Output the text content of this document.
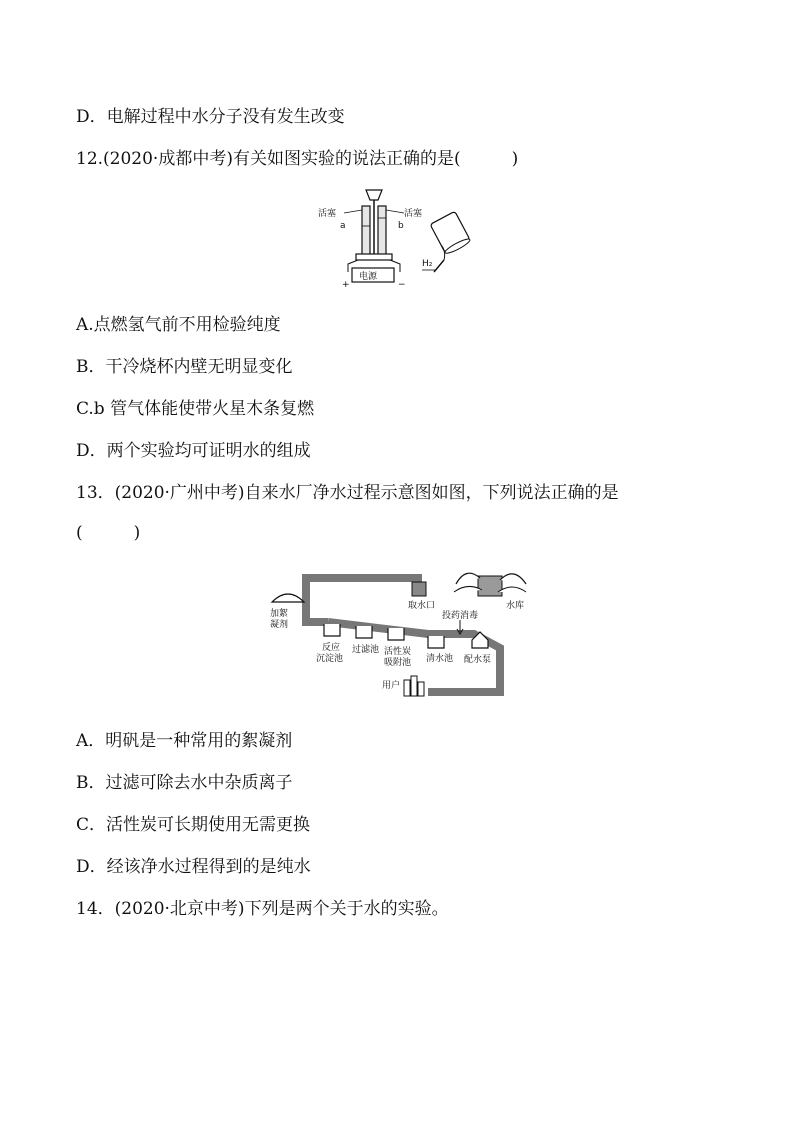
D．电解过程中水分子没有发生改变
12.(2020·成都中考)有关如图实验的说法正确的是(　　　)
活塞	活塞
a	b
电源
+	−
H₂
A.点燃氢气前不用检验纯度
B．干冷烧杯内壁无明显变化
C.b 管气体能使带火星木条复燃
D．两个实验均可证明水的组成
13．(2020·广州中考)自来水厂净水过程示意图如图，下列说法正确的是
(　　　)
加絮
凝剂
取水口	水库
投药消毒
反应
沉淀池
过滤池 活性炭
吸附池 清水池 配水泵
用户
A．明矾是一种常用的絮凝剂
B．过滤可除去水中杂质离子
C．活性炭可长期使用无需更换
D．经该净水过程得到的是纯水
14．(2020·北京中考)下列是两个关于水的实验。
